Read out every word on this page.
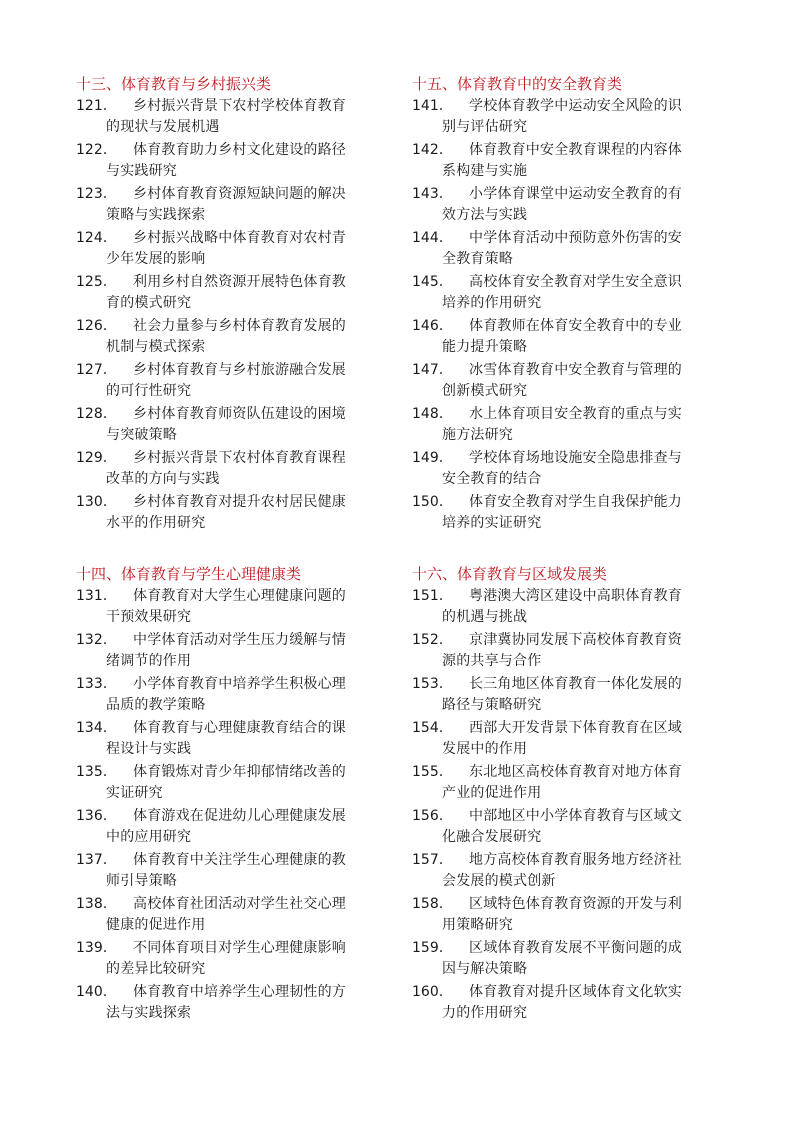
十三、体育教育与乡村振兴类
121.	乡村振兴背景下农村学校体育教育
的现状与发展机遇
122.	体育教育助力乡村文化建设的路径
与实践研究
123.	乡村体育教育资源短缺问题的解决
策略与实践探索
124.	乡村振兴战略中体育教育对农村青
少年发展的影响
125.	利用乡村自然资源开展特色体育教
育的模式研究
126.	社会力量参与乡村体育教育发展的
机制与模式探索
127.	乡村体育教育与乡村旅游融合发展
的可行性研究
128.	乡村体育教育师资队伍建设的困境
与突破策略
129.	乡村振兴背景下农村体育教育课程
改革的方向与实践
130.	乡村体育教育对提升农村居民健康
水平的作用研究
十四、体育教育与学生心理健康类
131.	体育教育对大学生心理健康问题的
干预效果研究
132.	中学体育活动对学生压力缓解与情
绪调节的作用
133.	小学体育教育中培养学生积极心理
品质的教学策略
134.	体育教育与心理健康教育结合的课
程设计与实践
135.	体育锻炼对青少年抑郁情绪改善的
实证研究
136.	体育游戏在促进幼儿心理健康发展
中的应用研究
137.	体育教育中关注学生心理健康的教
师引导策略
138.	高校体育社团活动对学生社交心理
健康的促进作用
139.	不同体育项目对学生心理健康影响
的差异比较研究
140.	体育教育中培养学生心理韧性的方
法与实践探索
十五、体育教育中的安全教育类
141.	学校体育教学中运动安全风险的识
别与评估研究
142.	体育教育中安全教育课程的内容体
系构建与实施
143.	小学体育课堂中运动安全教育的有
效方法与实践
144.	中学体育活动中预防意外伤害的安
全教育策略
145.	高校体育安全教育对学生安全意识
培养的作用研究
146.	体育教师在体育安全教育中的专业
能力提升策略
147.	冰雪体育教育中安全教育与管理的
创新模式研究
148.	水上体育项目安全教育的重点与实
施方法研究
149.	学校体育场地设施安全隐患排查与
安全教育的结合
150.	体育安全教育对学生自我保护能力
培养的实证研究
十六、体育教育与区域发展类
151.	粤港澳大湾区建设中高职体育教育
的机遇与挑战
152.	京津冀协同发展下高校体育教育资
源的共享与合作
153.	长三角地区体育教育一体化发展的
路径与策略研究
154.	西部大开发背景下体育教育在区域
发展中的作用
155.	东北地区高校体育教育对地方体育
产业的促进作用
156.	中部地区中小学体育教育与区域文
化融合发展研究
157.	地方高校体育教育服务地方经济社
会发展的模式创新
158.	区域特色体育教育资源的开发与利
用策略研究
159.	区域体育教育发展不平衡问题的成
因与解决策略
160.	体育教育对提升区域体育文化软实
力的作用研究
